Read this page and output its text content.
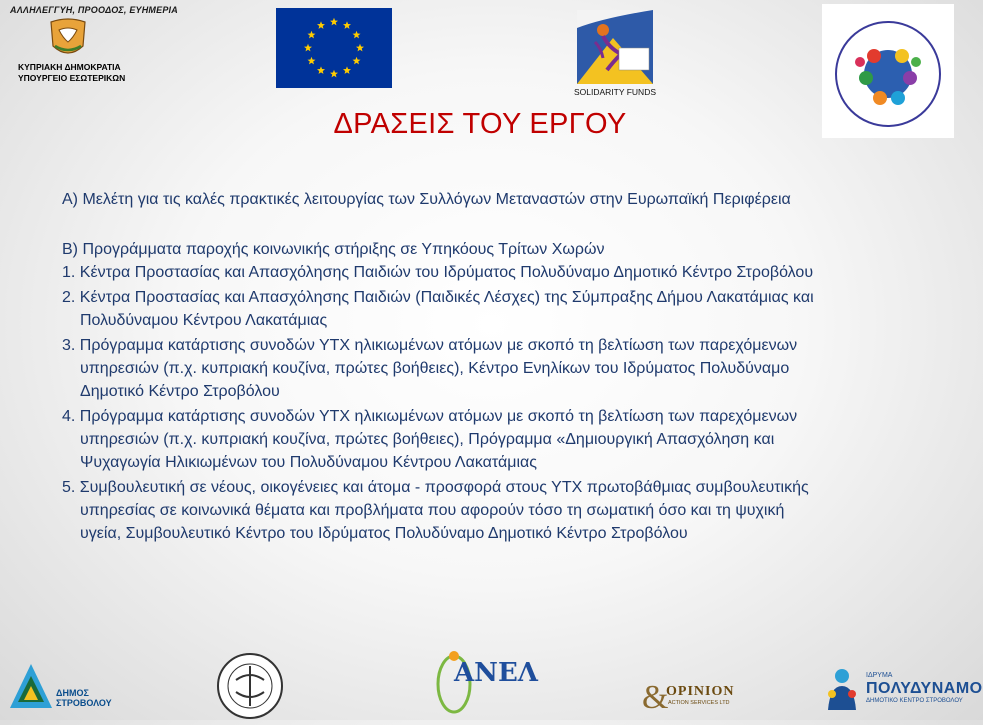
ΑΛΛΗΛΕΓΓΥΗ, ΠΡΟΟΔΟΣ, ΕΥΗΜΕΡΙΑ
ΚΥΠΡΙΑΚΗ ΔΗΜΟΚΡΑΤΙΑ
ΥΠΟΥΡΓΕΙΟ ΕΣΩΤΕΡΙΚΩΝ
SOLIDARITY FUNDS
ΔΡΑΣΕΙΣ ΤΟΥ ΕΡΓΟΥ
Α) Μελέτη για τις καλές πρακτικές λειτουργίας των Συλλόγων Μεταναστών στην Ευρωπαϊκή Περιφέρεια
Β) Προγράμματα παροχής κοινωνικής στήριξης σε Υπηκόους Τρίτων Χωρών
1. Κέντρα Προστασίας και Απασχόλησης Παιδιών του Ιδρύματος Πολυδύναμο Δημοτικό Κέντρο Στροβόλου
2. Κέντρα Προστασίας και Απασχόλησης Παιδιών (Παιδικές Λέσχες) της Σύμπραξης Δήμου Λακατάμιας και
Πολυδύναμου Κέντρου Λακατάμιας
3. Πρόγραμμα κατάρτισης συνοδών ΥΤΧ ηλικιωμένων ατόμων με σκοπό τη βελτίωση των παρεχόμενων
υπηρεσιών (π.χ. κυπριακή κουζίνα, πρώτες βοήθειες), Κέντρο Ενηλίκων του Ιδρύματος Πολυδύναμο
Δημοτικό Κέντρο Στροβόλου
4. Πρόγραμμα κατάρτισης συνοδών ΥΤΧ ηλικιωμένων ατόμων με σκοπό τη βελτίωση των παρεχόμενων
υπηρεσιών (π.χ. κυπριακή κουζίνα, πρώτες βοήθειες), Πρόγραμμα «Δημιουργική Απασχόληση και
Ψυχαγωγία Ηλικιωμένων του Πολυδύναμου Κέντρου Λακατάμιας
5. Συμβουλευτική σε νέους, οικογένειες και άτομα - προσφορά στους ΥΤΧ πρωτοβάθμιας συμβουλευτικής
υπηρεσίας σε κοινωνικά θέματα και προβλήματα που αφορούν τόσο τη σωματική όσο και τη ψυχική
υγεία, Συμβουλευτικό Κέντρο του Ιδρύματος Πολυδύναμο Δημοτικό Κέντρο Στροβόλου
ΔΗΜΟΣ ΣΤΡΟΒΟΛΟΥ
ΑΝΕΛ
&
OPINION
ACTION SERVICES LTD
ΙΔΡΥΜΑ
ΠΟΛΥΔΥΝΑΜΟ
ΔΗΜΟΤΙΚΟ ΚΕΝΤΡΟ ΣΤΡΟΒΟΛΟΥ
